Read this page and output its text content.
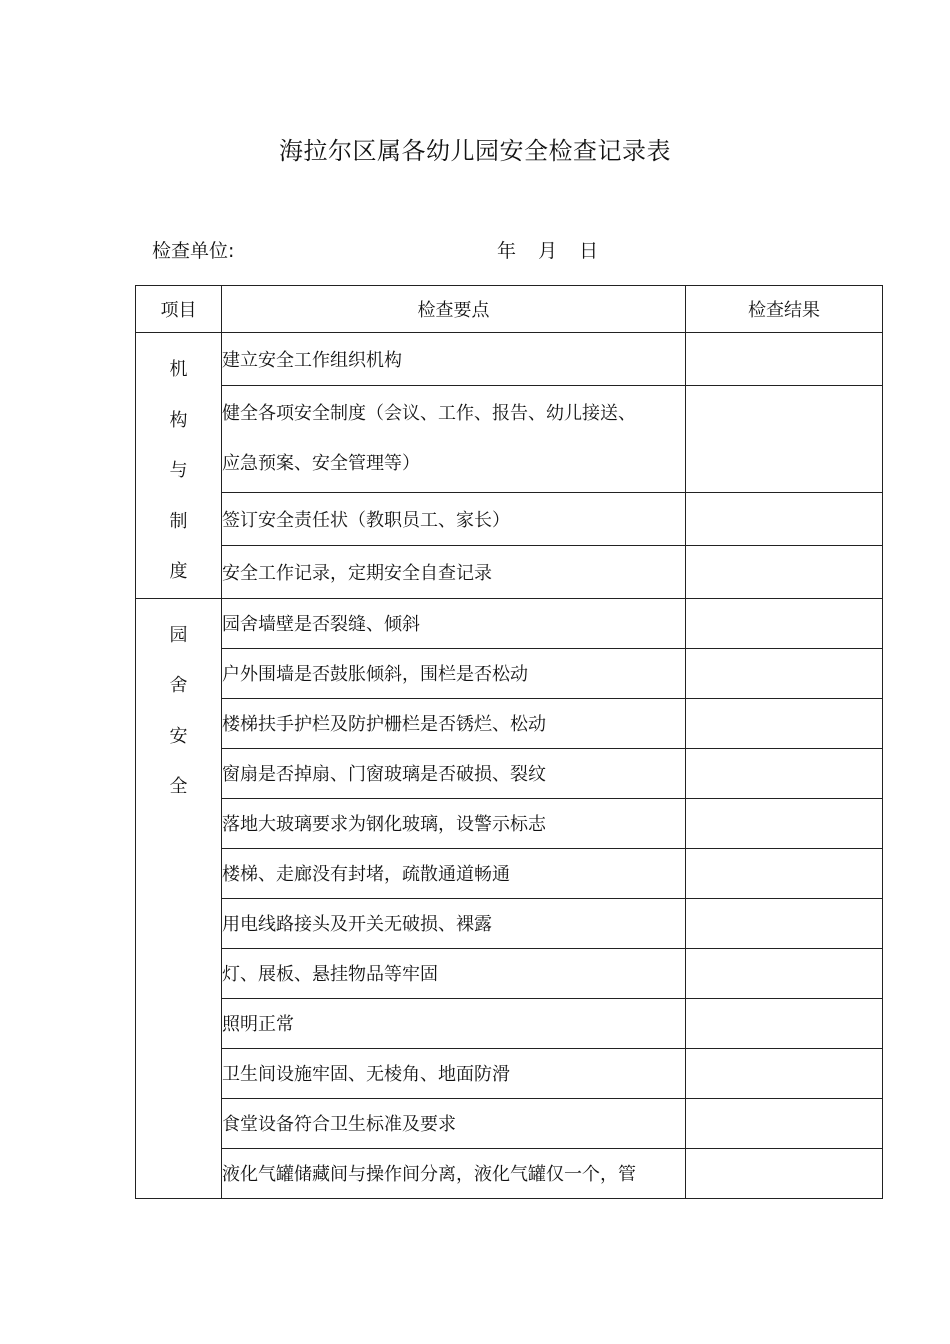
海拉尔区属各幼儿园安全检查记录表
检查单位:	年 月 日
项目	检查要点	检查结果

机
构
与
制
度	建立安全工作组织机构	

	健全各项安全制度（会议、工作、报告、幼儿接送、
应急预案、安全管理等）	

	签订安全责任状（教职员工、家长）	

	安全工作记录，定期安全自查记录	

园
舍
安
全	园舍墙壁是否裂缝、倾斜	

	户外围墙是否鼓胀倾斜，围栏是否松动	

	楼梯扶手护栏及防护栅栏是否锈烂、松动	

	窗扇是否掉扇、门窗玻璃是否破损、裂纹	

	落地大玻璃要求为钢化玻璃，设警示标志	

	楼梯、走廊没有封堵，疏散通道畅通	

	用电线路接头及开关无破损、裸露	

	灯、展板、悬挂物品等牢固	

	照明正常	

	卫生间设施牢固、无棱角、地面防滑	

	食堂设备符合卫生标准及要求	

	液化气罐储藏间与操作间分离，液化气罐仅一个，管	
